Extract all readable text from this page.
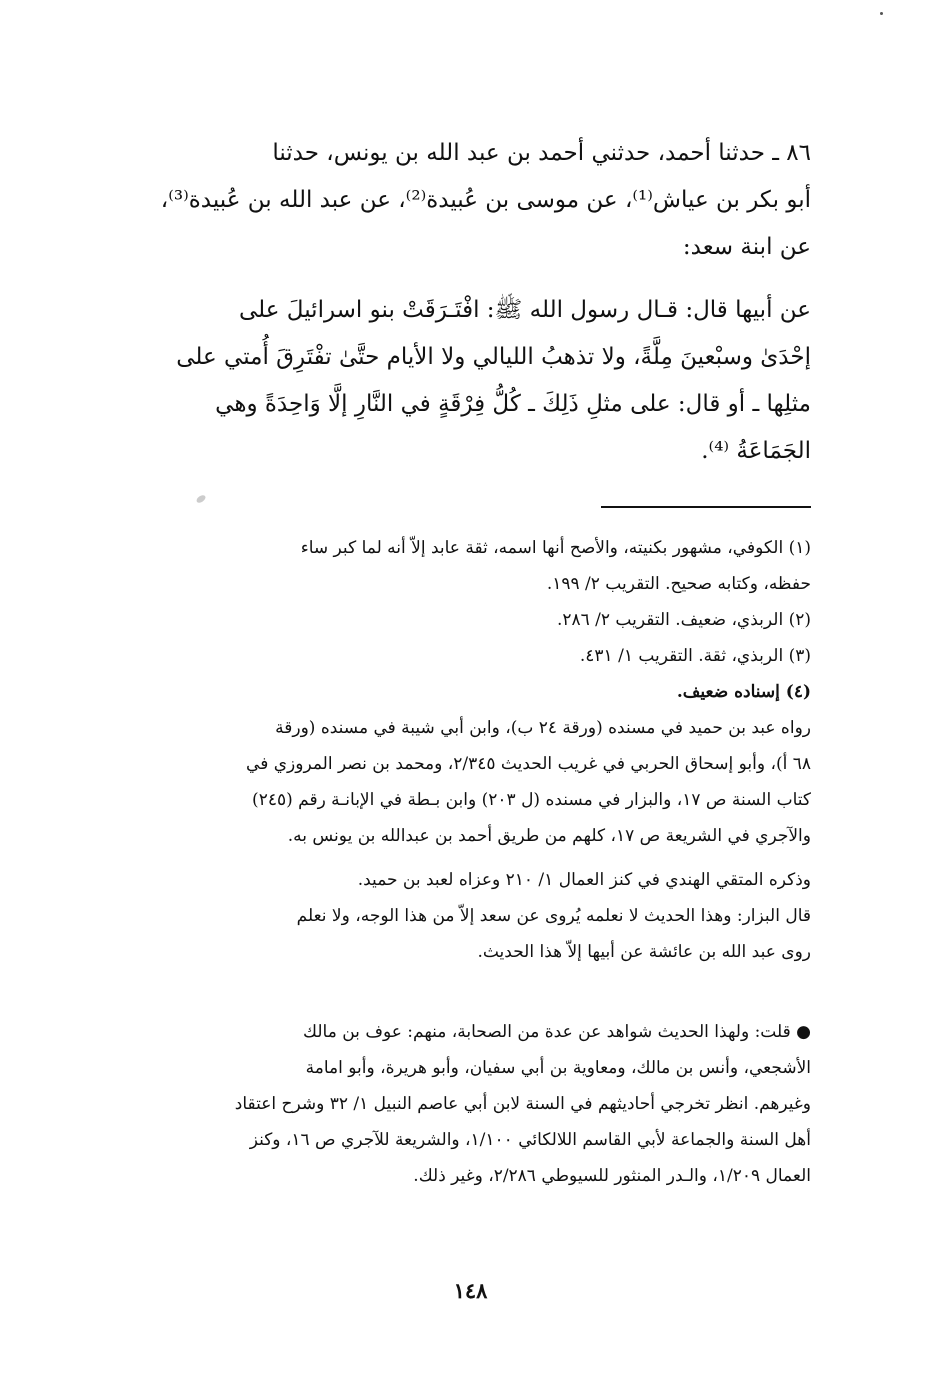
٨٦ ـ حدثنا أحمد، حدثني أحمد بن عبد الله بن يونس، حدثنا

أبو بكر بن عياش⁽¹⁾، عن موسى بن عُبيدة⁽²⁾، عن عبد الله بن عُبيدة⁽³⁾،

عن ابنة سعد:

عن أبيها قال: قـال رسول الله ﷺ: افْتَـرَقَتْ بنو اسرائيلَ على

إحْدَىٰ وسبْعينَ مِلَّةً، ولا تذهبُ الليالي ولا الأيام حتَّىٰ تفْتَرِقَ أُمتي على

مثلِها ـ أو قال: على مثلِ ذَلِكَ ـ كُلُّ فِرْقَةٍ في النَّارِ إلَّا وَاحِدَةً وهي

الجَمَاعَةُ ⁽⁴⁾.

(١) الكوفي، مشهور بكنيته، والأصح أنها اسمه، ثقة عابد إلاّ أنه لما كبر ساء

حفظه، وكتابه صحيح. التقريب ٢/ ١٩٩.

(٢) الربذي، ضعيف. التقريب ٢/ ٢٨٦.

(٣) الربذي، ثقة. التقريب ١/ ٤٣١.

(٤) إسناده ضعيف.

رواه عبد بن حميد في مسنده (ورقة ٢٤ ب)، وابن أبي شيبة في مسنده (ورقة

٦٨ أ)، وأبو إسحاق الحربي في غريب الحديث ٢/٣٤٥، ومحمد بن نصر المروزي في

كتاب السنة ص ١٧، والبزار في مسنده (ل ٢٠٣) وابن بـطة في الإبانـة رقم (٢٤٥)

والآجري في الشريعة ص ١٧، كلهم من طريق أحمد بن عبدالله بن يونس به.

وذكره المتقي الهندي في كنز العمال ١/ ٢١٠ وعزاه لعبد بن حميد.

قال البزار: وهذا الحديث لا نعلمه يُروى عن سعد إلاّ من هذا الوجه، ولا نعلم

روى عبد الله بن عائشة عن أبيها إلاّ هذا الحديث.

● قلت: ولهذا الحديث شواهد عن عدة من الصحابة، منهم: عوف بن مالك

الأشجعي، وأنس بن مالك، ومعاوية بن أبي سفيان، وأبو هريرة، وأبو امامة

وغيرهم. انظر تخرجي أحاديثهم في السنة لابن أبي عاصم النبيل ١/ ٣٢ وشرح اعتقاد

أهل السنة والجماعة لأبي القاسم اللالكائي ١/١٠٠، والشريعة للآجري ص ١٦، وكنز

العمال ١/٢٠٩، والـدر المنثور للسيوطي ٢/٢٨٦، وغير ذلك.

١٤٨
